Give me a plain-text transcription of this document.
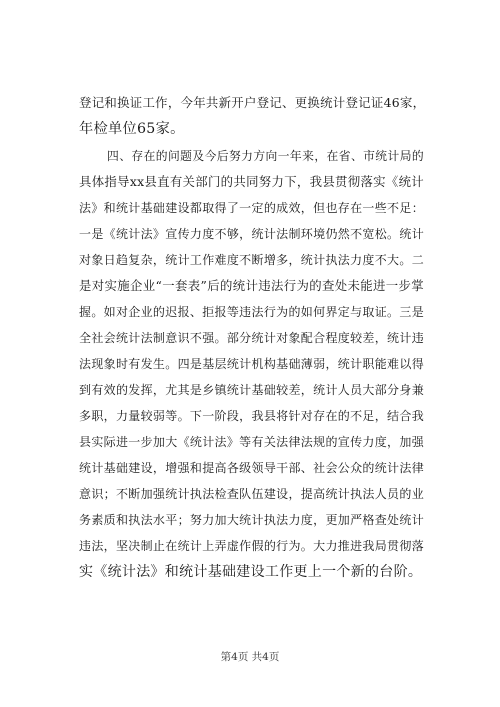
登记和换证工作，今年共新开户登记、更换统计登记证46家，
年检单位65家。
四、存在的问题及今后努力方向一年来，在省、市统计局的
具体指导xx县直有关部门的共同努力下，我县贯彻落实《统计
法》和统计基础建设都取得了一定的成效，但也存在一些不足：
一是《统计法》宣传力度不够，统计法制环境仍然不宽松。统计
对象日趋复杂，统计工作难度不断增多，统计执法力度不大。二
是对实施企业“一套表”后的统计违法行为的查处未能进一步掌
握。如对企业的迟报、拒报等违法行为的如何界定与取证。三是
全社会统计法制意识不强。部分统计对象配合程度较差，统计违
法现象时有发生。四是基层统计机构基础薄弱，统计职能难以得
到有效的发挥，尤其是乡镇统计基础较差，统计人员大部分身兼
多职，力量较弱等。下一阶段，我县将针对存在的不足，结合我
县实际进一步加大《统计法》等有关法律法规的宣传力度，加强
统计基础建设，增强和提高各级领导干部、社会公众的统计法律
意识；不断加强统计执法检查队伍建设，提高统计执法人员的业
务素质和执法水平；努力加大统计执法力度，更加严格查处统计
违法，坚决制止在统计上弄虚作假的行为。大力推进我局贯彻落
实《统计法》和统计基础建设工作更上一个新的台阶。
第4页 共4页
